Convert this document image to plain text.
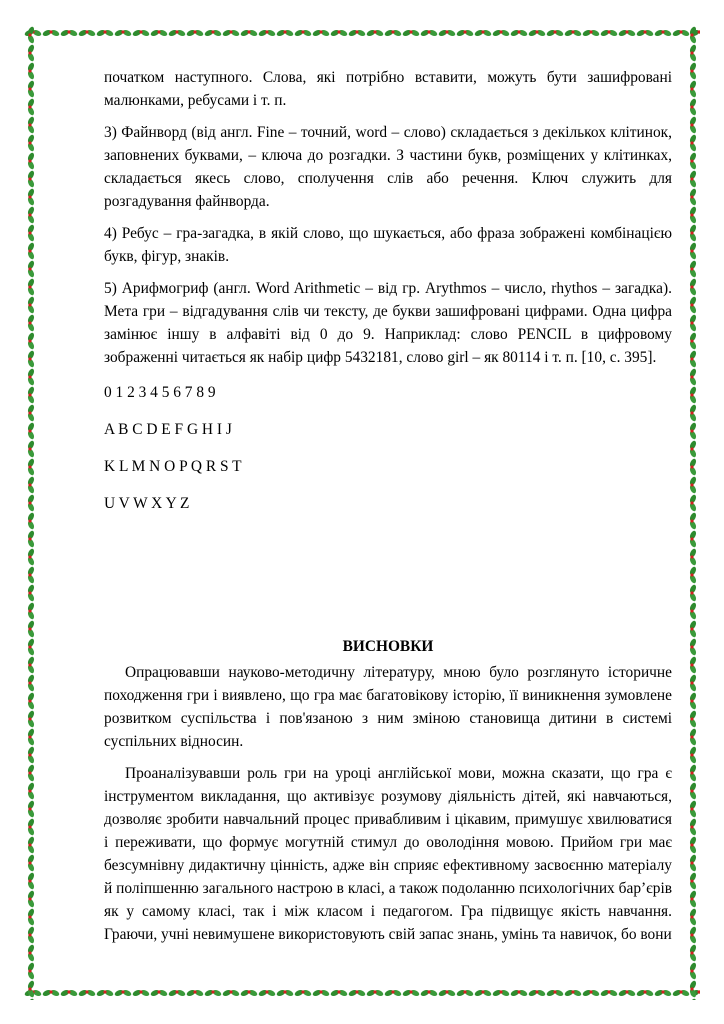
початком наступного. Слова, які потрібно вставити, можуть бути зашифровані малюнками, ребусами і т. п.

3) Файнворд (від англ. Fine – точний, word – слово) складається з декількох клітинок, заповнених буквами, – ключа до розгадки. З частини букв, розміщених у клітинках, складається якесь слово, сполучення слів або речення. Ключ служить для розгадування файнворда.

4) Ребус – гра-загадка, в якій слово, що шукається, або фраза зображені комбінацією букв, фігур, знаків.

5) Арифмогриф (англ. Word Arithmetic – від гр. Arythmos – число, rhythos – загадка). Мета гри – відгадування слів чи тексту, де букви зашифровані цифрами. Одна цифра замінює іншу в алфавіті від 0 до 9. Наприклад: слово PENCIL в цифровому зображенні читається як набір цифр 5432181, слово girl – як 80114 і т. п. [10, с. 395].

0 1 2 3 4 5 6 7 8 9

A B C D E F G H I J

K L M N O P Q R S T

U V W X Y Z

ВИСНОВКИ

Опрацювавши науково-методичну літературу, мною було розглянуто історичне походження гри і виявлено, що гра має багатовікову історію, її виникнення зумовлене розвитком суспільства і пов'язаною з ним зміною становища дитини в системі суспільних відносин.

Проаналізувавши роль гри на уроці англійської мови, можна сказати, що гра є інструментом викладання, що активізує розумову діяльність дітей, які навчаються, дозволяє зробити навчальний процес привабливим і цікавим, примушує хвилюватися і переживати, що формує могутній стимул до оволодіння мовою. Прийом гри має безсумнівну дидактичну цінність, адже він сприяє ефективному засвоєнню матеріалу й поліпшенню загального настрою в класі, а також подоланню психологічних бар’єрів як у самому класі, так і між класом і педагогом. Гра підвищує якість навчання. Граючи, учні невимушене використовують свій запас знань, умінь та навичок, бо вони
